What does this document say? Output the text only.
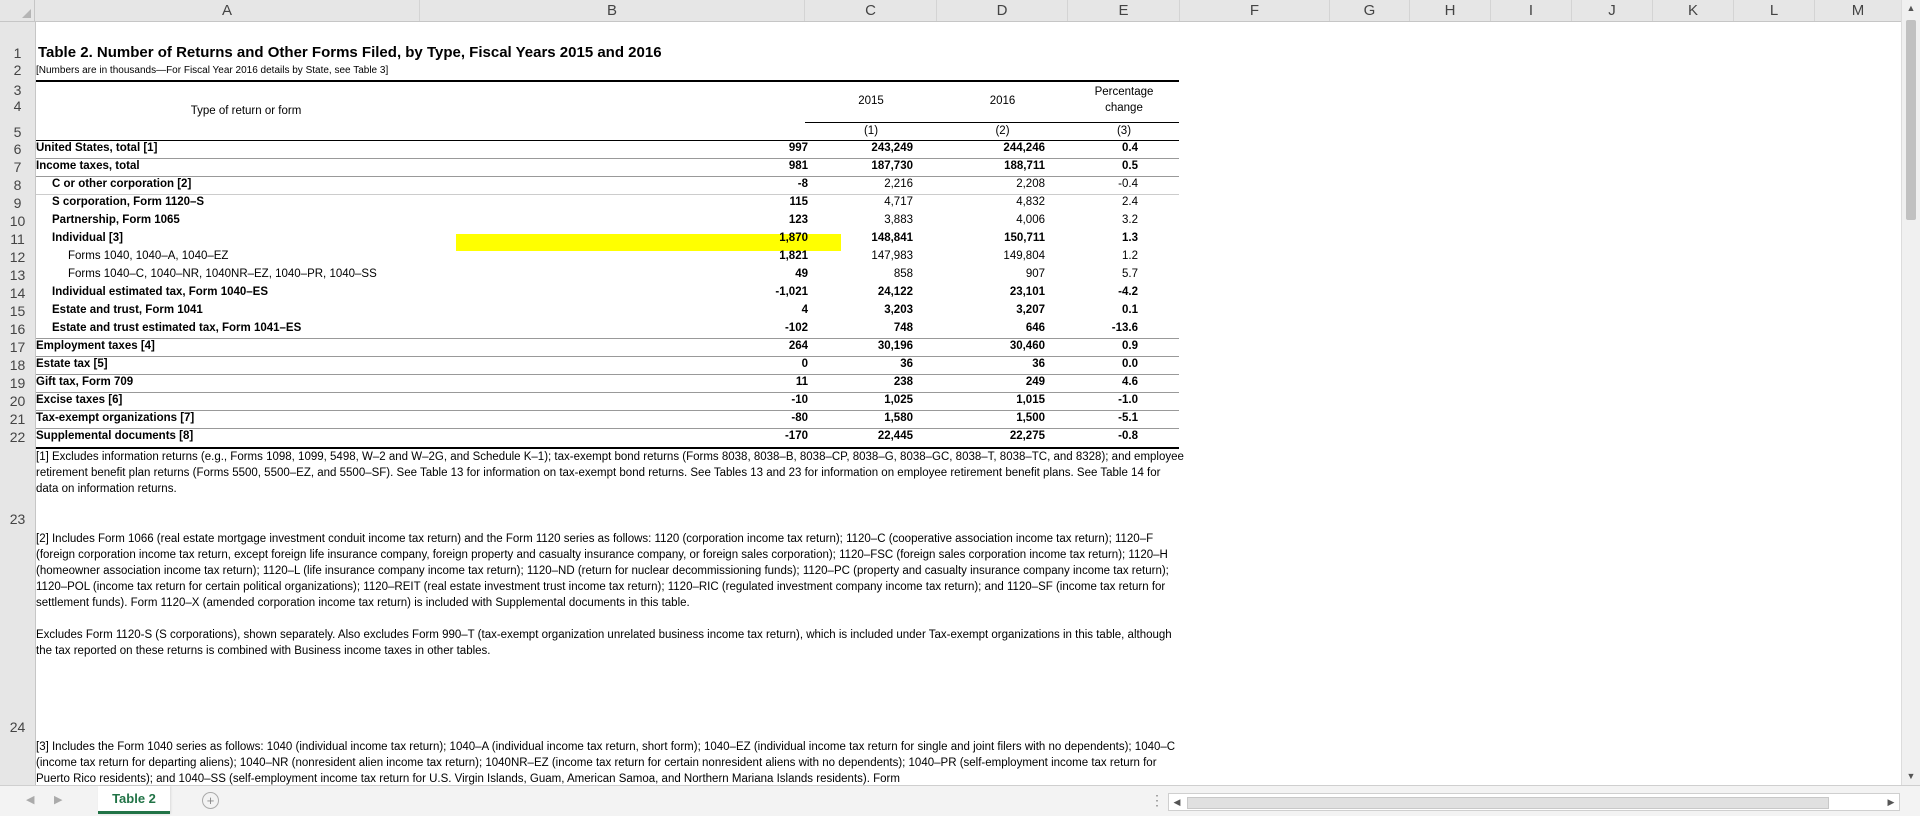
A	B	C	D	E	F	G	H	I	J	K	L	M
1
2
3
4
5
6
7
8
9
10
11
12
13
14
15
16
17
18
19
20
21
22
23
24
Table 2. Number of Returns and Other Forms Filed, by Type, Fiscal Years 2015 and 2016
[Numbers are in thousands—For Fiscal Year 2016 details by State, see Table 3]
Type of return or form
2015	2016
Percentage
change
(1)	(2)	(3)
United States, total [1]	997	243,249	244,246	0.4
Income taxes, total	981	187,730	188,711	0.5
C or other corporation [2]	-8	2,216	2,208	-0.4
S corporation, Form 1120–S	115	4,717	4,832	2.4
Partnership, Form 1065	123	3,883	4,006	3.2
Individual [3]	1,870	148,841	150,711	1.3
Forms 1040, 1040–A, 1040–EZ	1,821	147,983	149,804	1.2
Forms 1040–C, 1040–NR, 1040NR–EZ, 1040–PR, 1040–SS	49	858	907	5.7
Individual estimated tax, Form 1040–ES	-1,021	24,122	23,101	-4.2
Estate and trust, Form 1041	4	3,203	3,207	0.1
Estate and trust estimated tax, Form 1041–ES	-102	748	646	-13.6
Employment taxes [4]	264	30,196	30,460	0.9
Estate tax [5]	0	36	36	0.0
Gift tax, Form 709	11	238	249	4.6
Excise taxes [6]	-10	1,025	1,015	-1.0
Tax-exempt organizations [7]	-80	1,580	1,500	-5.1
Supplemental documents [8]	-170	22,445	22,275	-0.8
[1] Excludes information returns (e.g., Forms 1098, 1099, 5498, W–2 and W–2G, and Schedule K–1); tax-exempt bond returns (Forms 8038, 8038–B, 8038–CP, 8038–G, 8038–GC, 8038–T, 8038–TC, and 8328); and employee retirement benefit plan returns (Forms 5500, 5500–EZ, and 5500–SF). See Table 13 for information on tax-exempt bond returns. See Tables 13 and 23 for information on employee retirement benefit plans. See Table 14 for data on information returns.
[2] Includes Form 1066 (real estate mortgage investment conduit income tax return) and the Form 1120 series as follows: 1120 (corporation income tax return); 1120–C (cooperative association income tax return); 1120–F (foreign corporation income tax return, except foreign life insurance company, foreign property and casualty insurance company, or foreign sales corporation); 1120–FSC (foreign sales corporation income tax return); 1120–H (homeowner association income tax return); 1120–L (life insurance company income tax return); 1120–ND (return for nuclear decommissioning funds); 1120–PC (property and casualty insurance company income tax return); 1120–POL (income tax return for certain political organizations); 1120–REIT (real estate investment trust income tax return); 1120–RIC (regulated investment company income tax return); and 1120–SF (income tax return for settlement funds). Form 1120–X (amended corporation income tax return) is included with Supplemental documents in this table.
Excludes Form 1120-S (S corporations), shown separately. Also excludes Form 990–T (tax-exempt organization unrelated business income tax return), which is included under Tax-exempt organizations in this table, although the tax reported on these returns is combined with Business income taxes in other tables.
[3] Includes the Form 1040 series as follows: 1040 (individual income tax return); 1040–A (individual income tax return, short form); 1040–EZ (individual income tax return for single and joint filers with no dependents); 1040–C (income tax return for departing aliens); 1040–NR (nonresident alien income tax return); 1040NR–EZ (income tax return for certain nonresident aliens with no dependents); 1040–PR (self-employment income tax return for Puerto Rico residents); and 1040–SS (self-employment income tax return for U.S. Virgin Islands, Guam, American Samoa, and Northern Mariana Islands residents). Form
▲
▼
◀ ▶	Table 2	+	⋮	◀	▶
